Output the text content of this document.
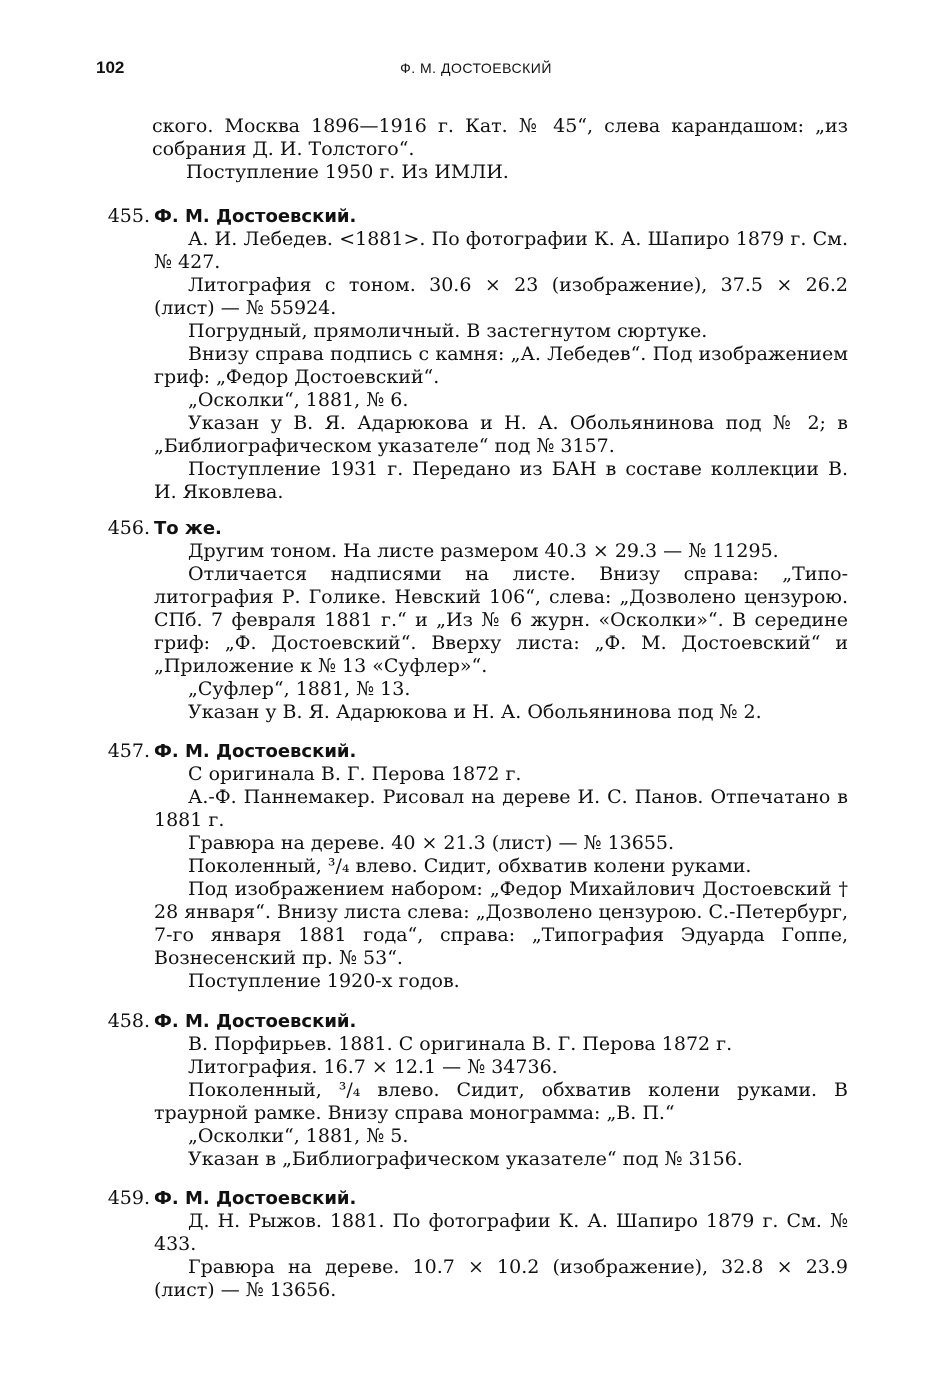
102	Ф. М. ДОСТОЕВСКИЙ

ского. Москва 1896—1916 г. Кат. № 45“, слева карандашом: „из собрания Д. И. Толстого“.

Поступление 1950 г. Из ИМЛИ.

455. Ф. М. Достоевский.

А. И. Лебедев. <1881>. По фотографии К. А. Шапиро 1879 г. См. № 427.

Литография с тоном. 30.6 × 23 (изображение), 37.5 × 26.2 (лист) — № 55924.

Погрудный, прямоличный. В застегнутом сюртуке.

Внизу справа подпись с камня: „А. Лебедев“. Под изображением гриф: „Федор Достоевский“.

„Осколки“, 1881, № 6.

Указан у В. Я. Адарюкова и Н. А. Обольянинова под № 2; в „Библиографическом указателе“ под № 3157.

Поступление 1931 г. Передано из БАН в составе коллекции В. И. Яковлева.

456. То же.

Другим тоном. На листе размером 40.3 × 29.3 — № 11295.

Отличается надписями на листе. Внизу справа: „Типо-литография Р. Голике. Невский 106“, слева: „Дозволено цензурою. СПб. 7 февраля 1881 г.“ и „Из № 6 журн. «Осколки»“. В середине гриф: „Ф. Достоевский“. Вверху листа: „Ф. М. Достоевский“ и „Приложение к № 13 «Суфлер»“.

„Суфлер“, 1881, № 13.

Указан у В. Я. Адарюкова и Н. А. Обольянинова под № 2.

457. Ф. М. Достоевский.

С оригинала В. Г. Перова 1872 г.

А.-Ф. Паннемакер. Рисовал на дереве И. С. Панов. Отпечатано в 1881 г.

Гравюра на дереве. 40 × 21.3 (лист) — № 13655.

Поколенный, ³/₄ влево. Сидит, обхватив колени руками.

Под изображением набором: „Федор Михайлович Достоевский † 28 января“. Внизу листа слева: „Дозволено цензурою. С.-Петербург, 7-го января 1881 года“, справа: „Типография Эдуарда Гоппе, Вознесенский пр. № 53“.

Поступление 1920-х годов.

458. Ф. М. Достоевский.

В. Порфирьев. 1881. С оригинала В. Г. Перова 1872 г.

Литография. 16.7 × 12.1 — № 34736.

Поколенный, ³/₄ влево. Сидит, обхватив колени руками. В траурной рамке. Внизу справа монограмма: „В. П.“

„Осколки“, 1881, № 5.

Указан в „Библиографическом указателе“ под № 3156.

459. Ф. М. Достоевский.

Д. Н. Рыжов. 1881. По фотографии К. А. Шапиро 1879 г. См. № 433.

Гравюра на дереве. 10.7 × 10.2 (изображение), 32.8 × 23.9 (лист) — № 13656.
